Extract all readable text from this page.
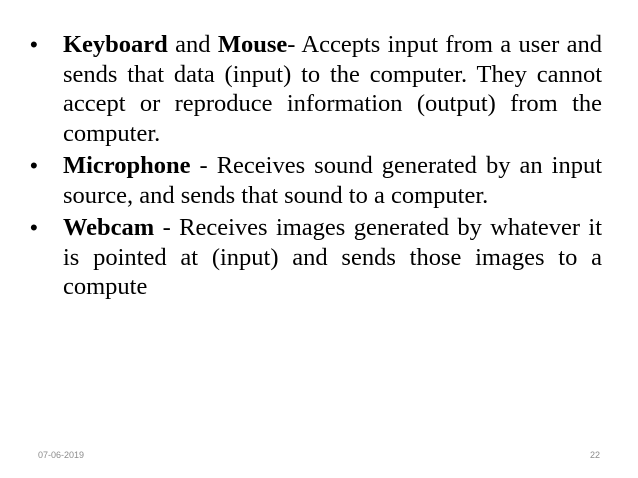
•	Keyboard and Mouse- Accepts input from a user and sends that data (input) to the computer. They cannot accept or reproduce information (output) from the computer.
•	Microphone - Receives sound generated by an input source, and sends that sound to a computer.
•	Webcam - Receives images generated by whatever it is pointed at (input) and sends those images to a compute
07-06-2019	22
